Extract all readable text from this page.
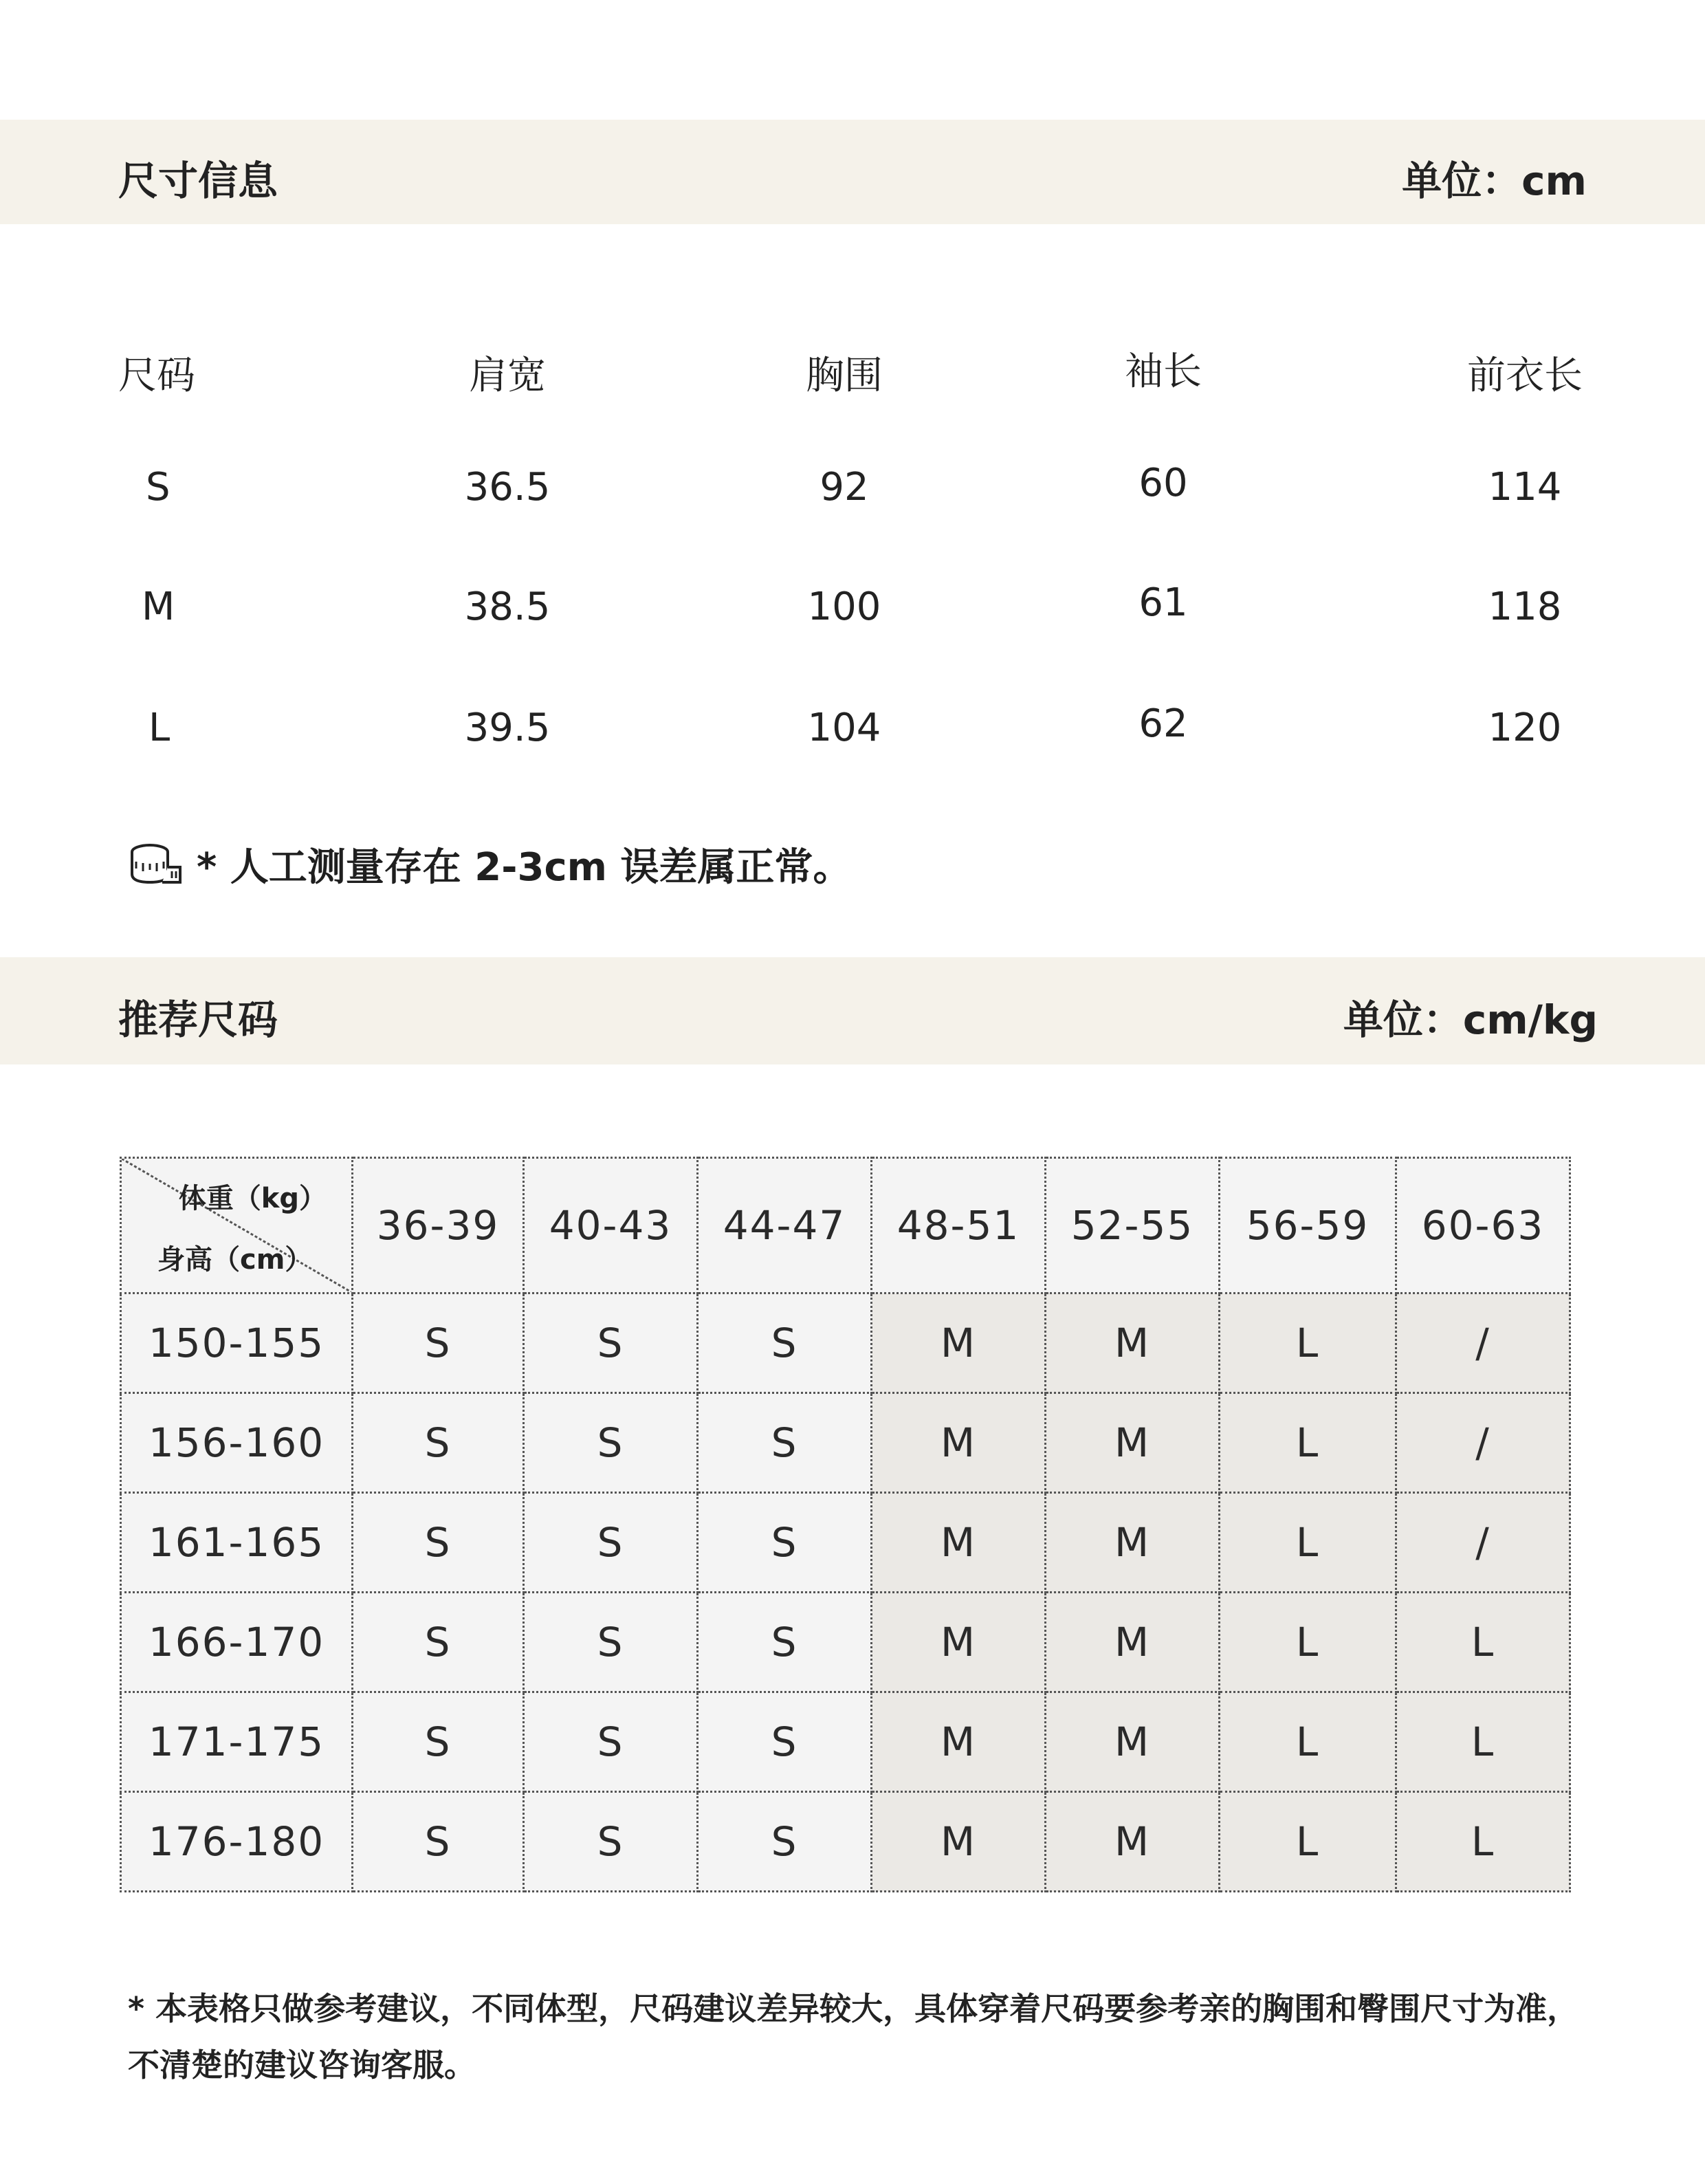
尺寸信息	单位：cm
尺码	肩宽	胸围	袖长	前衣长
S	36.5	92	60	114
M	38.5	100	61	118
L	39.5	104	62	120
* 人工测量存在 2-3cm 误差属正常。
推荐尺码	单位：cm/kg
体重（kg）
身高（cm）	36-39	40-43	44-47	48-51	52-55	56-59	60-63
150-155	S	S	S	M	M	L	/
156-160	S	S	S	M	M	L	/
161-165	S	S	S	M	M	L	/
166-170	S	S	S	M	M	L	L
171-175	S	S	S	M	M	L	L
176-180	S	S	S	M	M	L	L
* 本表格只做参考建议，不同体型，尺码建议差异较大，具体穿着尺码要参考亲的胸围和臀围尺寸为准，
不清楚的建议咨询客服。
